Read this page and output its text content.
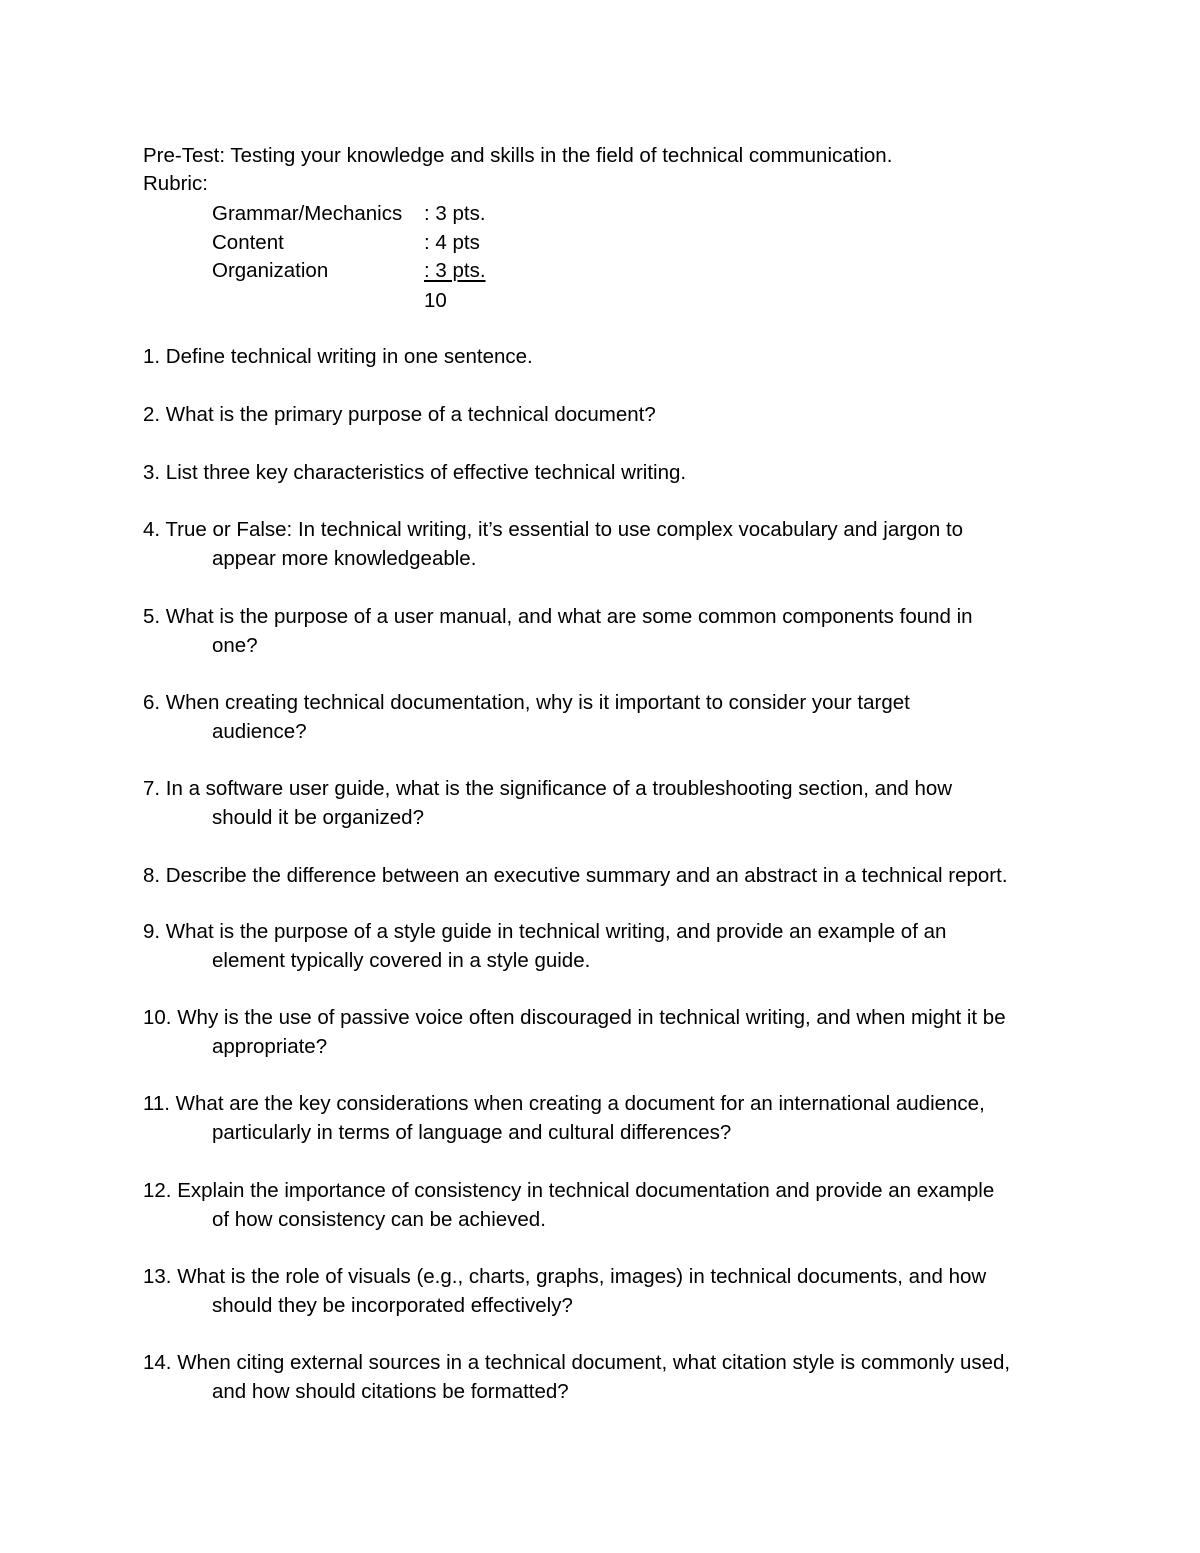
Pre-Test: Testing your knowledge and skills in the field of technical communication.
Rubric:
Grammar/Mechanics : 3 pts.
Content	: 4 pts
Organization	: 3 pts.
10
1. Define technical writing in one sentence.
2. What is the primary purpose of a technical document?
3. List three key characteristics of effective technical writing.
4. True or False: In technical writing, it’s essential to use complex vocabulary and jargon to
appear more knowledgeable.
5. What is the purpose of a user manual, and what are some common components found in
one?
6. When creating technical documentation, why is it important to consider your target
audience?
7. In a software user guide, what is the significance of a troubleshooting section, and how
should it be organized?
8. Describe the difference between an executive summary and an abstract in a technical report.
9. What is the purpose of a style guide in technical writing, and provide an example of an
element typically covered in a style guide.
10. Why is the use of passive voice often discouraged in technical writing, and when might it be
appropriate?
11. What are the key considerations when creating a document for an international audience,
particularly in terms of language and cultural differences?
12. Explain the importance of consistency in technical documentation and provide an example
of how consistency can be achieved.
13. What is the role of visuals (e.g., charts, graphs, images) in technical documents, and how
should they be incorporated effectively?
14. When citing external sources in a technical document, what citation style is commonly used,
and how should citations be formatted?
